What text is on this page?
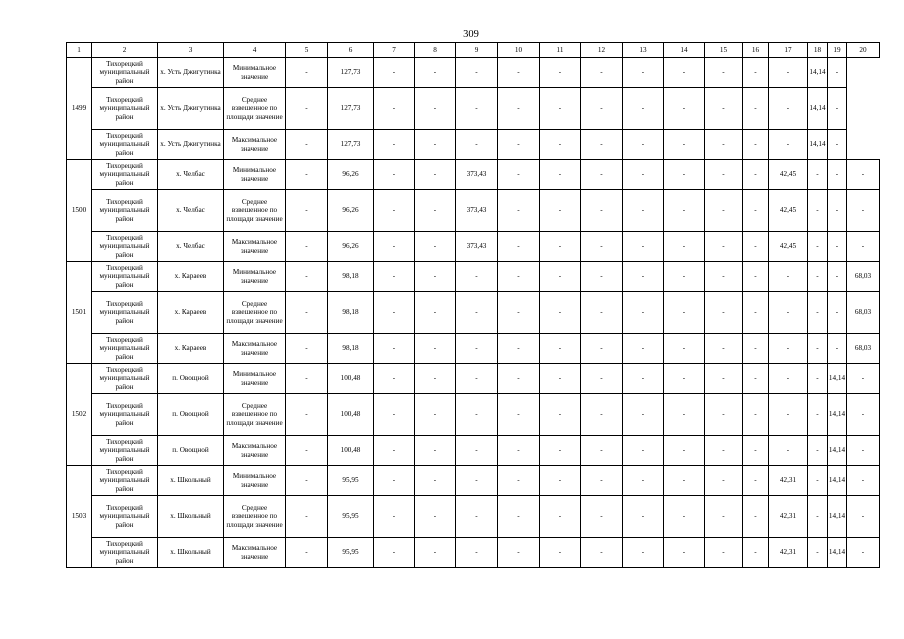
309
1	2	3	4	5	6	7	8	9	10	11	12	13	14	15	16	17	18	19	20
1499	Тихорецкий муниципальный район	х. Усть Джигутинка	Минимальное значение	-	127,73	-	-	-	-	-	-	-	-	-	-	-	14,14	-	
	Тихорецкий муниципальный район	х. Усть Джигутинка	Среднее взвешенное по площади значение	-	127,73	-	-	-	-	-	-	-	-	-	-	-	14,14	-	
	Тихорецкий муниципальный район	х. Усть Джигутинка	Максимальное значение	-	127,73	-	-	-	-	-	-	-	-	-	-	-	14,14	-	
1500	Тихорецкий муниципальный район	х. Челбас	Минимальное значение	-	96,26	-	-	373,43	-	-	-	-	-	-	-	42,45	-	-	-
	Тихорецкий муниципальный район	х. Челбас	Среднее взвешенное по площади значение	-	96,26	-	-	373,43	-	-	-	-	-	-	-	42,45	-	-	-
	Тихорецкий муниципальный район	х. Челбас	Максимальное значение	-	96,26	-	-	373,43	-	-	-	-	-	-	-	42,45	-	-	-
1501	Тихорецкий муниципальный район	х. Караеев	Минимальное значение	-	98,18	-	-	-	-	-	-	-	-	-	-	-	-	-	68,03
	Тихорецкий муниципальный район	х. Караеев	Среднее взвешенное по площади значение	-	98,18	-	-	-	-	-	-	-	-	-	-	-	-	-	68,03
	Тихорецкий муниципальный район	х. Караеев	Максимальное значение	-	98,18	-	-	-	-	-	-	-	-	-	-	-	-	-	68,03
1502	Тихорецкий муниципальный район	п. Овощной	Минимальное значение	-	100,48	-	-	-	-	-	-	-	-	-	-	-	-	14,14	-
	Тихорецкий муниципальный район	п. Овощной	Среднее взвешенное по площади значение	-	100,48	-	-	-	-	-	-	-	-	-	-	-	-	14,14	-
	Тихорецкий муниципальный район	п. Овощной	Максимальное значение	-	100,48	-	-	-	-	-	-	-	-	-	-	-	-	14,14	-
1503	Тихорецкий муниципальный район	х. Школьный	Минимальное значение	-	95,95	-	-	-	-	-	-	-	-	-	-	42,31	-	14,14	-
	Тихорецкий муниципальный район	х. Школьный	Среднее взвешенное по площади значение	-	95,95	-	-	-	-	-	-	-	-	-	-	42,31	-	14,14	-
	Тихорецкий муниципальный район	х. Школьный	Максимальное значение	-	95,95	-	-	-	-	-	-	-	-	-	-	42,31	-	14,14	-
